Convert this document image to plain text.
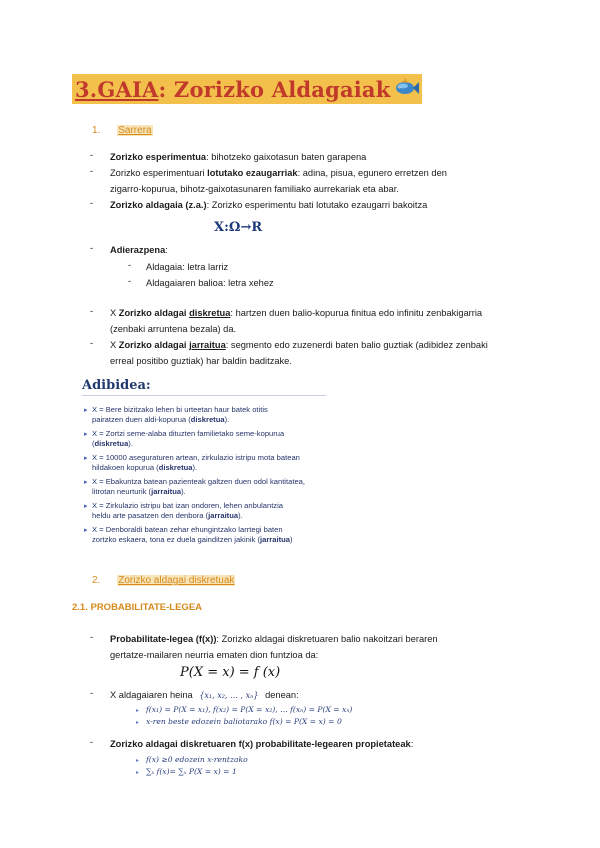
3.GAIA: Zorizko Aldagaiak
1. Sarrera
- Zorizko esperimentua: bihotzeko gaixotasun baten garapena
- Zorizko esperimentuari lotutako ezaugarriak: adina, pisua, egunero erretzen den
zigarro-kopurua, bihotz-gaixotasunaren familiako aurrekariak eta abar.
- Zorizko aldagaia (z.a.): Zorizko esperimentu bati lotutako ezaugarri bakoitza
X:Ω→R
- Adierazpena:
- Aldagaia: letra larriz
- Aldagaiaren balioa: letra xehez
- X Zorizko aldagai diskretua: hartzen duen balio-kopurua finitua edo infinitu zenbakigarria
(zenbaki arruntena bezala) da.
- X Zorizko aldagai jarraitua: segmento edo zuzenerdi baten balio guztiak (adibidez zenbaki
erreal positibo guztiak) har baldin baditzake.
Adibidea:
▸ X = Bere bizitzako lehen bi urteetan haur batek otitis
pairatzen duen aldi-kopurua (diskretua).
▸ X = Zortzi seme-alaba dituzten familietako seme-kopurua
(diskretua).
▸ X = 10000 aseguraturen artean, zirkulazio istripu mota batean
hildakoen kopurua (diskretua).
▸ X = Ebakuntza batean pazienteak galtzen duen odol kantitatea,
litrotan neurturik (jarraitua).
▸ X = Zirkulazio istripu bat izan ondoren, lehen anbulantzia
heldu arte pasatzen den denbora (jarraitua).
▸ X = Denboraldi batean zehar ehungintzako larrtegi baten
zortzko eskaera, tona ez duela gainditzen jakinik (jarraitua)
2. Zorizko aldagai diskretuak
2.1. PROBABILITATE-LEGEA
- Probabilitate-legea (f(x)): Zorizko aldagai diskretuaren balio nakoitzari beraren
gertatze-mailaren neurria ematen dion funtzioa da:
P(X = x) = f (x)
- X aldagaiaren heina {x₁, x₂, … , xₙ} denean:
▸ f(x₁) = P(X = x₁), f(x₂) = P(X = x₂), … f(xₙ) = P(X = xₙ)
▸ x-ren beste edozein baliotarako f(x) = P(X = x) = 0
- Zorizko aldagai diskretuaren f(x) probabilitate-legearen propietateak:
▸ f(x) ≥0 edozein x-rentzako
▸ ∑ₓ f(x)= ∑ₓ P(X = x) = 1
